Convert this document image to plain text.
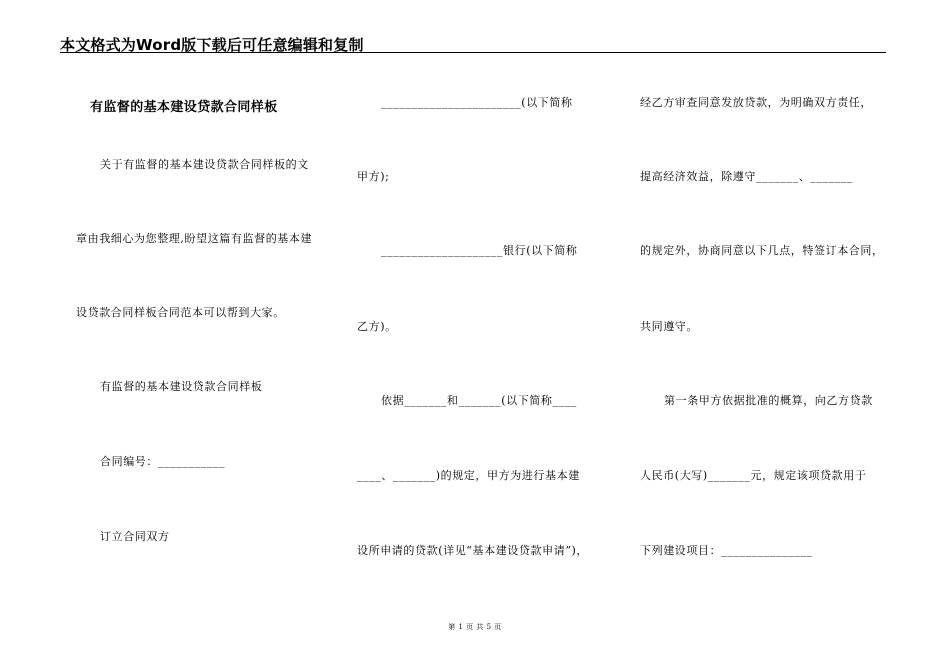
本文格式为Word版下载后可任意编辑和复制
有监督的基本建设贷款合同样板
关于有监督的基本建设贷款合同样板的文
章由我细心为您整理,盼望这篇有监督的基本建
设贷款合同样板合同范本可以帮到大家。
有监督的基本建设贷款合同样板
合同编号：___________
订立合同双方
_______________________(以下简称
甲方);
____________________银行(以下简称
乙方)。
依据_______和_______(以下简称____
____、_______)的规定，甲方为进行基本建
设所申请的贷款(详见“基本建设贷款申请”)，
经乙方审查同意发放贷款，为明确双方责任，
提高经济效益，除遵守_______、_______
的规定外，协商同意以下几点，特签订本合同，
共同遵守。
第一条甲方依据批准的概算，向乙方贷款
人民币(大写)_______元，规定该项贷款用于
下列建设项目：_______________
第 1 页 共 5 页
